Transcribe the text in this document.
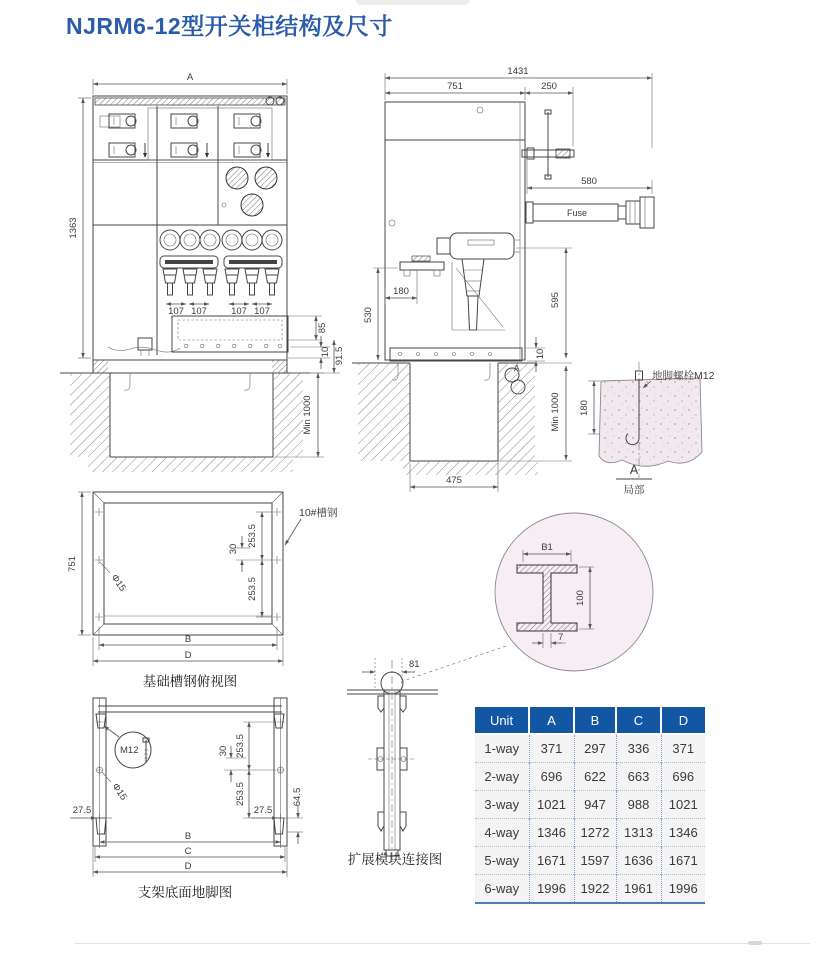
NJRM6-12型开关柜结构及尺寸
A
1363
107 107	107 107
85
10 91.5
Min 1000
1431
751	250
580
Fuse
180
530
595
10
Min 1000
475
地脚螺栓M12
180
A
局部
B1
100
7
751
10#槽钢
253.5
30
253.5
Φ15
B
D
基础槽钢俯视图
M12
Φ15
27.5	27.5
64.5
253.5
253.5
30
B
C
D
支架底面地脚图
81
扩展模块连接图
Unit	A	B	C	D
1-way	371	297	336	371
2-way	696	622	663	696
3-way	1021	947	988	1021
4-way	1346	1272	1313	1346
5-way	1671	1597	1636	1671
6-way	1996	1922	1961	1996
